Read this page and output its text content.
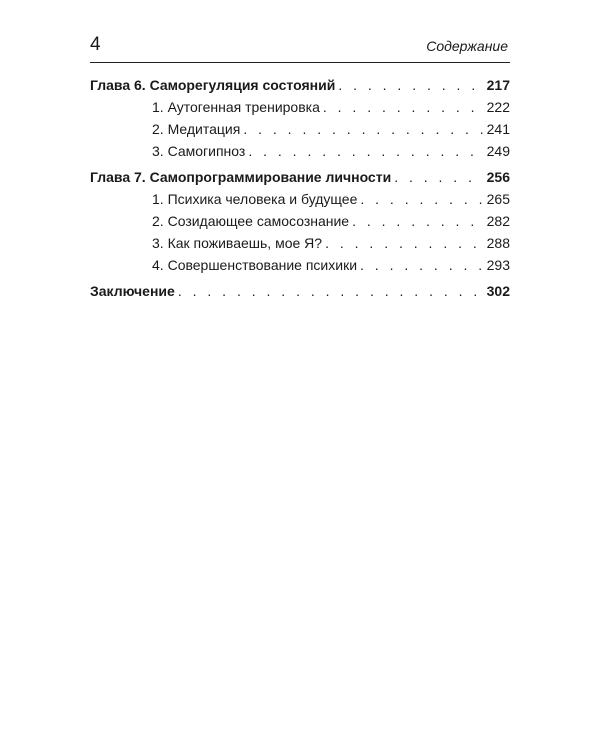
4	Содержание
Глава 6. Саморегуляция состояний . . .	217
1. Аутогенная тренировка . . .	222
2. Медитация . . .	241
3. Самогипноз . . .	249
Глава 7. Самопрограммирование личности . . .	256
1. Психика человека и будущее . . .	265
2. Созидающее самосознание . . .	282
3. Как поживаешь, мое Я? . . .	288
4. Совершенствование психики . . .	293
Заключение . . .	302
